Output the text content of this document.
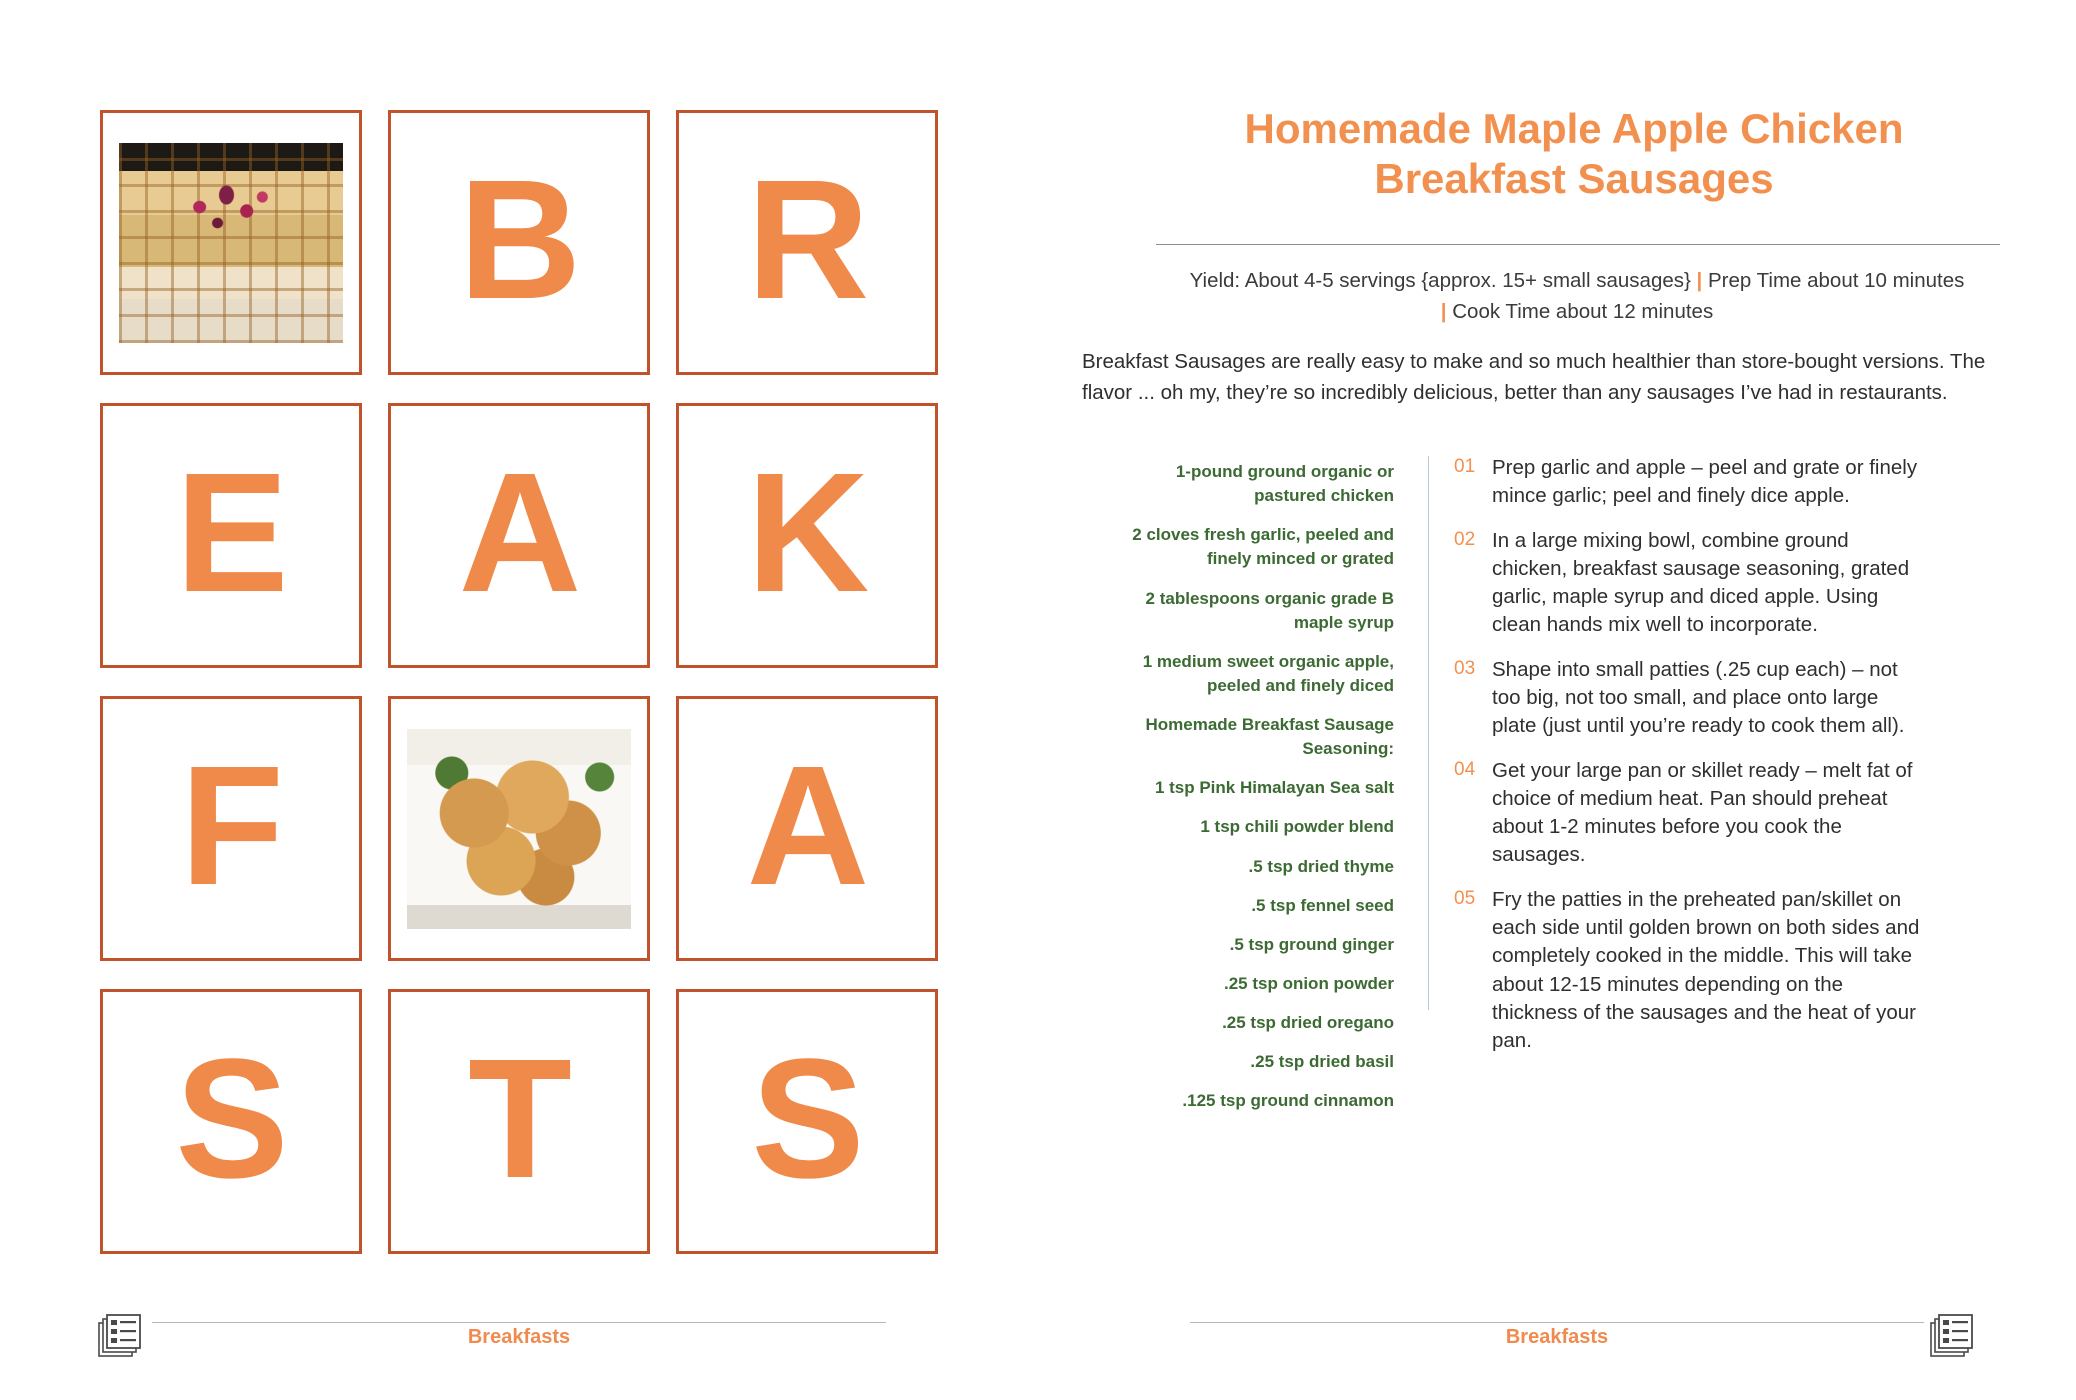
B R
E A K
F	A
S T S
Breakfasts
Homemade Maple Apple Chicken Breakfast Sausages
Yield: About 4-5 servings {approx. 15+ small sausages} | Prep Time about 10 minutes | Cook Time about 12 minutes
Breakfast Sausages are really easy to make and so much healthier than store-bought versions. The flavor ... oh my, they’re so incredibly delicious, better than any sausages I’ve had in restaurants.
1-pound ground organic or pastured chicken
2 cloves fresh garlic, peeled and finely minced or grated
2 tablespoons organic grade B maple syrup
1 medium sweet organic apple, peeled and finely diced
Homemade Breakfast Sausage Seasoning:
1 tsp Pink Himalayan Sea salt
1 tsp chili powder blend
.5 tsp dried thyme
.5 tsp fennel seed
.5 tsp ground ginger
.25 tsp onion powder
.25 tsp dried oregano
.25 tsp dried basil
.125 tsp ground cinnamon
01 Prep garlic and apple – peel and grate or finely mince garlic; peel and finely dice apple.
02 In a large mixing bowl, combine ground chicken, breakfast sausage seasoning, grated garlic, maple syrup and diced apple. Using clean hands mix well to incorporate.
03 Shape into small patties (.25 cup each) – not too big, not too small, and place onto large plate (just until you’re ready to cook them all).
04 Get your large pan or skillet ready – melt fat of choice of medium heat. Pan should preheat about 1-2 minutes before you cook the sausages.
05 Fry the patties in the preheated pan/skillet on each side until golden brown on both sides and completely cooked in the middle. This will take about 12-15 minutes depending on the thickness of the sausages and the heat of your pan.
Breakfasts
